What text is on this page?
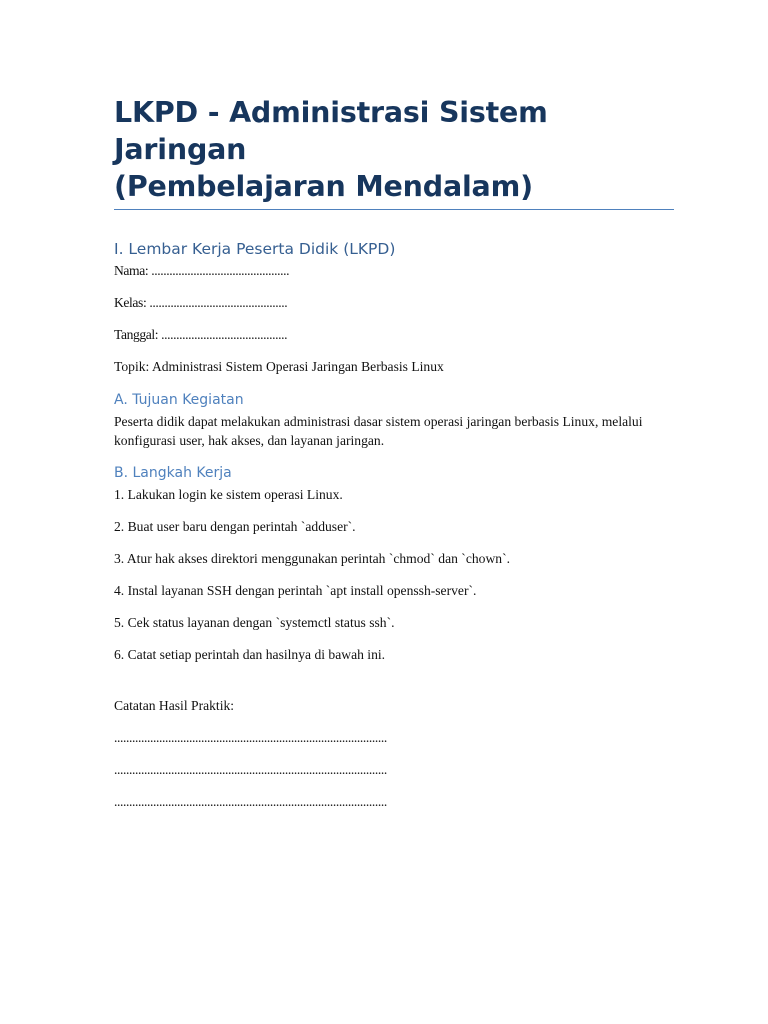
LKPD - Administrasi Sistem Jaringan
(Pembelajaran Mendalam)
I. Lembar Kerja Peserta Didik (LKPD)

Nama: ..............................................

Kelas: ..............................................

Tanggal: ..........................................

Topik: Administrasi Sistem Operasi Jaringan Berbasis Linux

A. Tujuan Kegiatan

Peserta didik dapat melakukan administrasi dasar sistem operasi jaringan berbasis Linux, melalui konfigurasi user, hak akses, dan layanan jaringan.

B. Langkah Kerja

1. Lakukan login ke sistem operasi Linux.

2. Buat user baru dengan perintah `adduser`.

3. Atur hak akses direktori menggunakan perintah `chmod` dan `chown`.

4. Instal layanan SSH dengan perintah `apt install openssh-server`.

5. Cek status layanan dengan `systemctl status ssh`.

6. Catat setiap perintah dan hasilnya di bawah ini.

Catatan Hasil Praktik:

...........................................................................................

...........................................................................................

...........................................................................................
